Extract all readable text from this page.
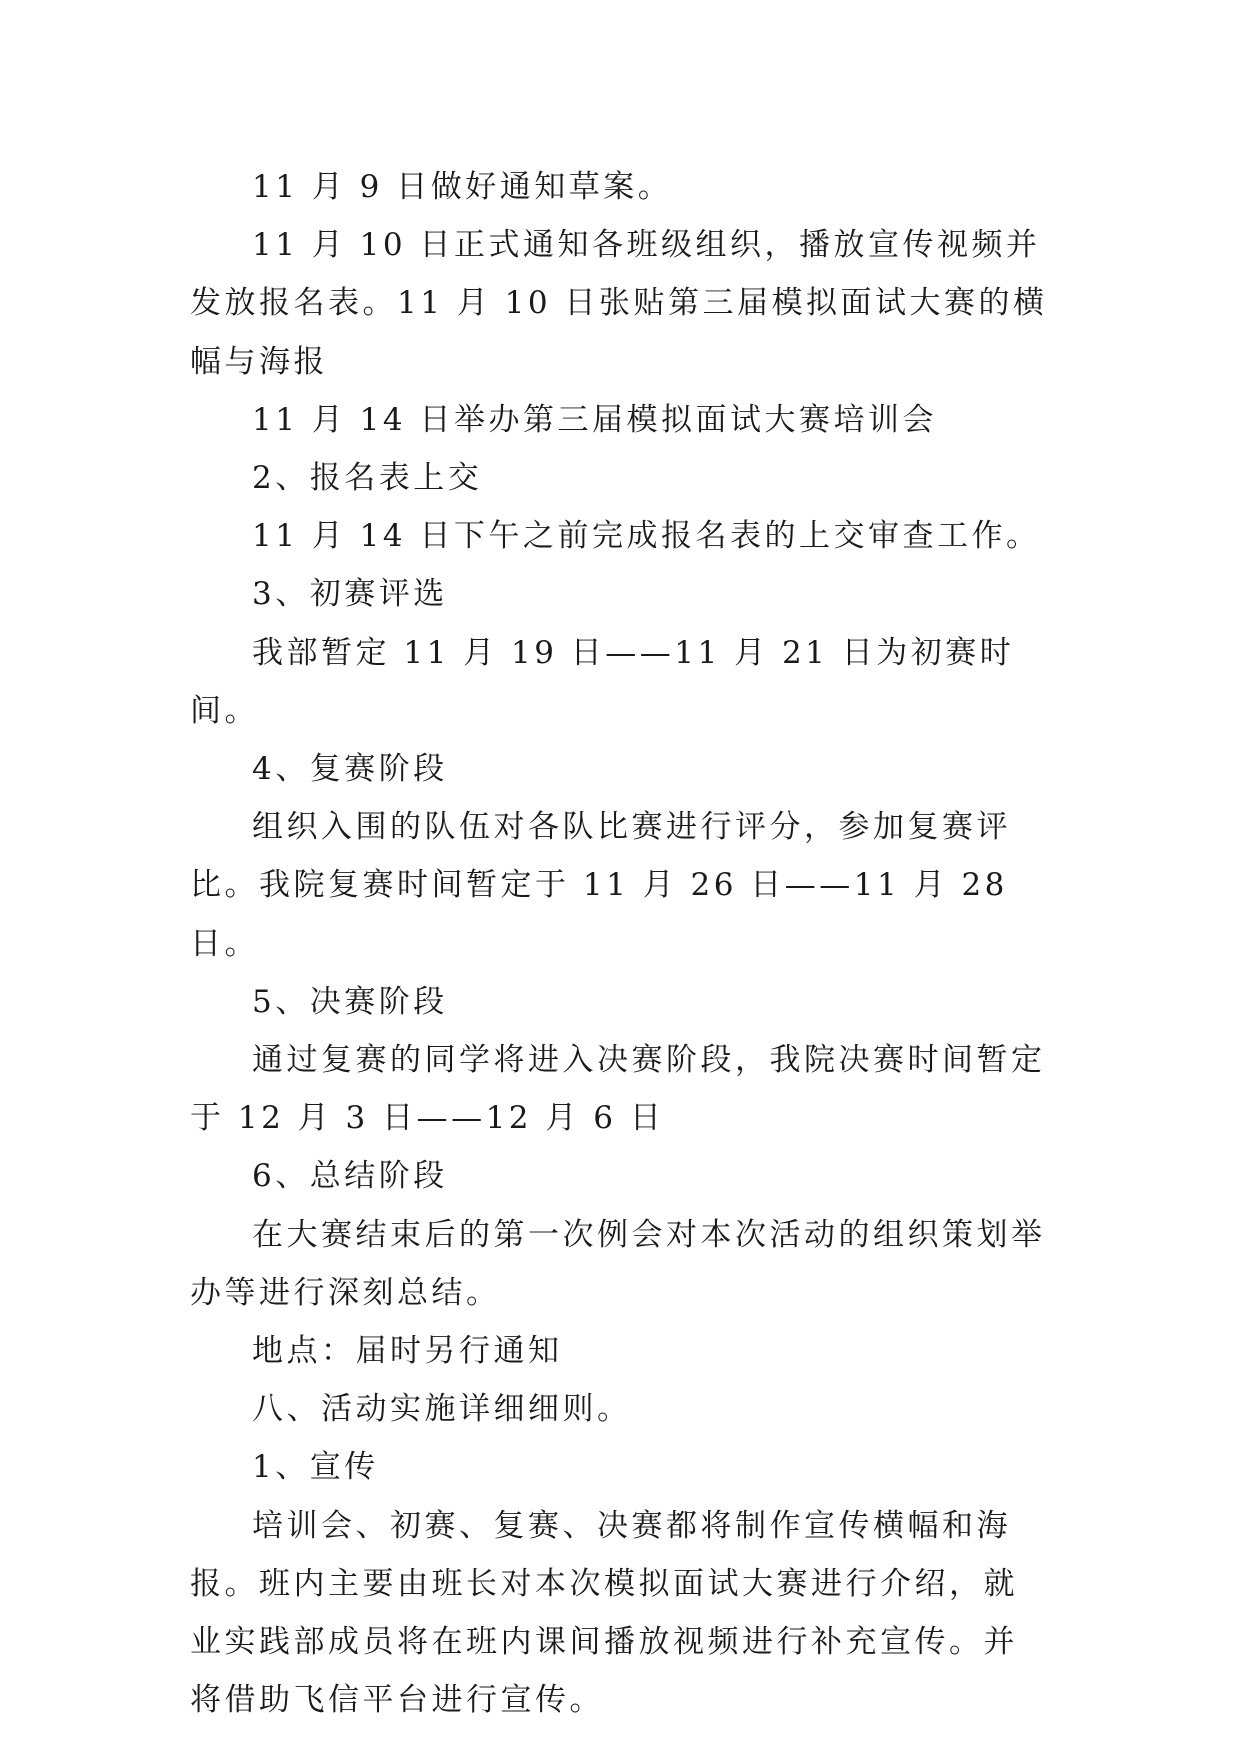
11 月 9 日做好通知草案。

11 月 10 日正式通知各班级组织，播放宣传视频并发放报名表。11 月 10 日张贴第三届模拟面试大赛的横幅与海报

11 月 14 日举办第三届模拟面试大赛培训会

2、报名表上交

11 月 14 日下午之前完成报名表的上交审查工作。

3、初赛评选

我部暂定 11 月 19 日——11 月 21 日为初赛时间。

4、复赛阶段

组织入围的队伍对各队比赛进行评分，参加复赛评比。我院复赛时间暂定于 11 月 26 日——11 月 28 日。

5、决赛阶段

通过复赛的同学将进入决赛阶段，我院决赛时间暂定于 12 月 3 日——12 月 6 日

6、总结阶段

在大赛结束后的第一次例会对本次活动的组织策划举办等进行深刻总结。

地点：届时另行通知

八、活动实施详细细则。

1、宣传

培训会、初赛、复赛、决赛都将制作宣传横幅和海报。班内主要由班长对本次模拟面试大赛进行介绍，就业实践部成员将在班内课间播放视频进行补充宣传。并将借助飞信平台进行宣传。
